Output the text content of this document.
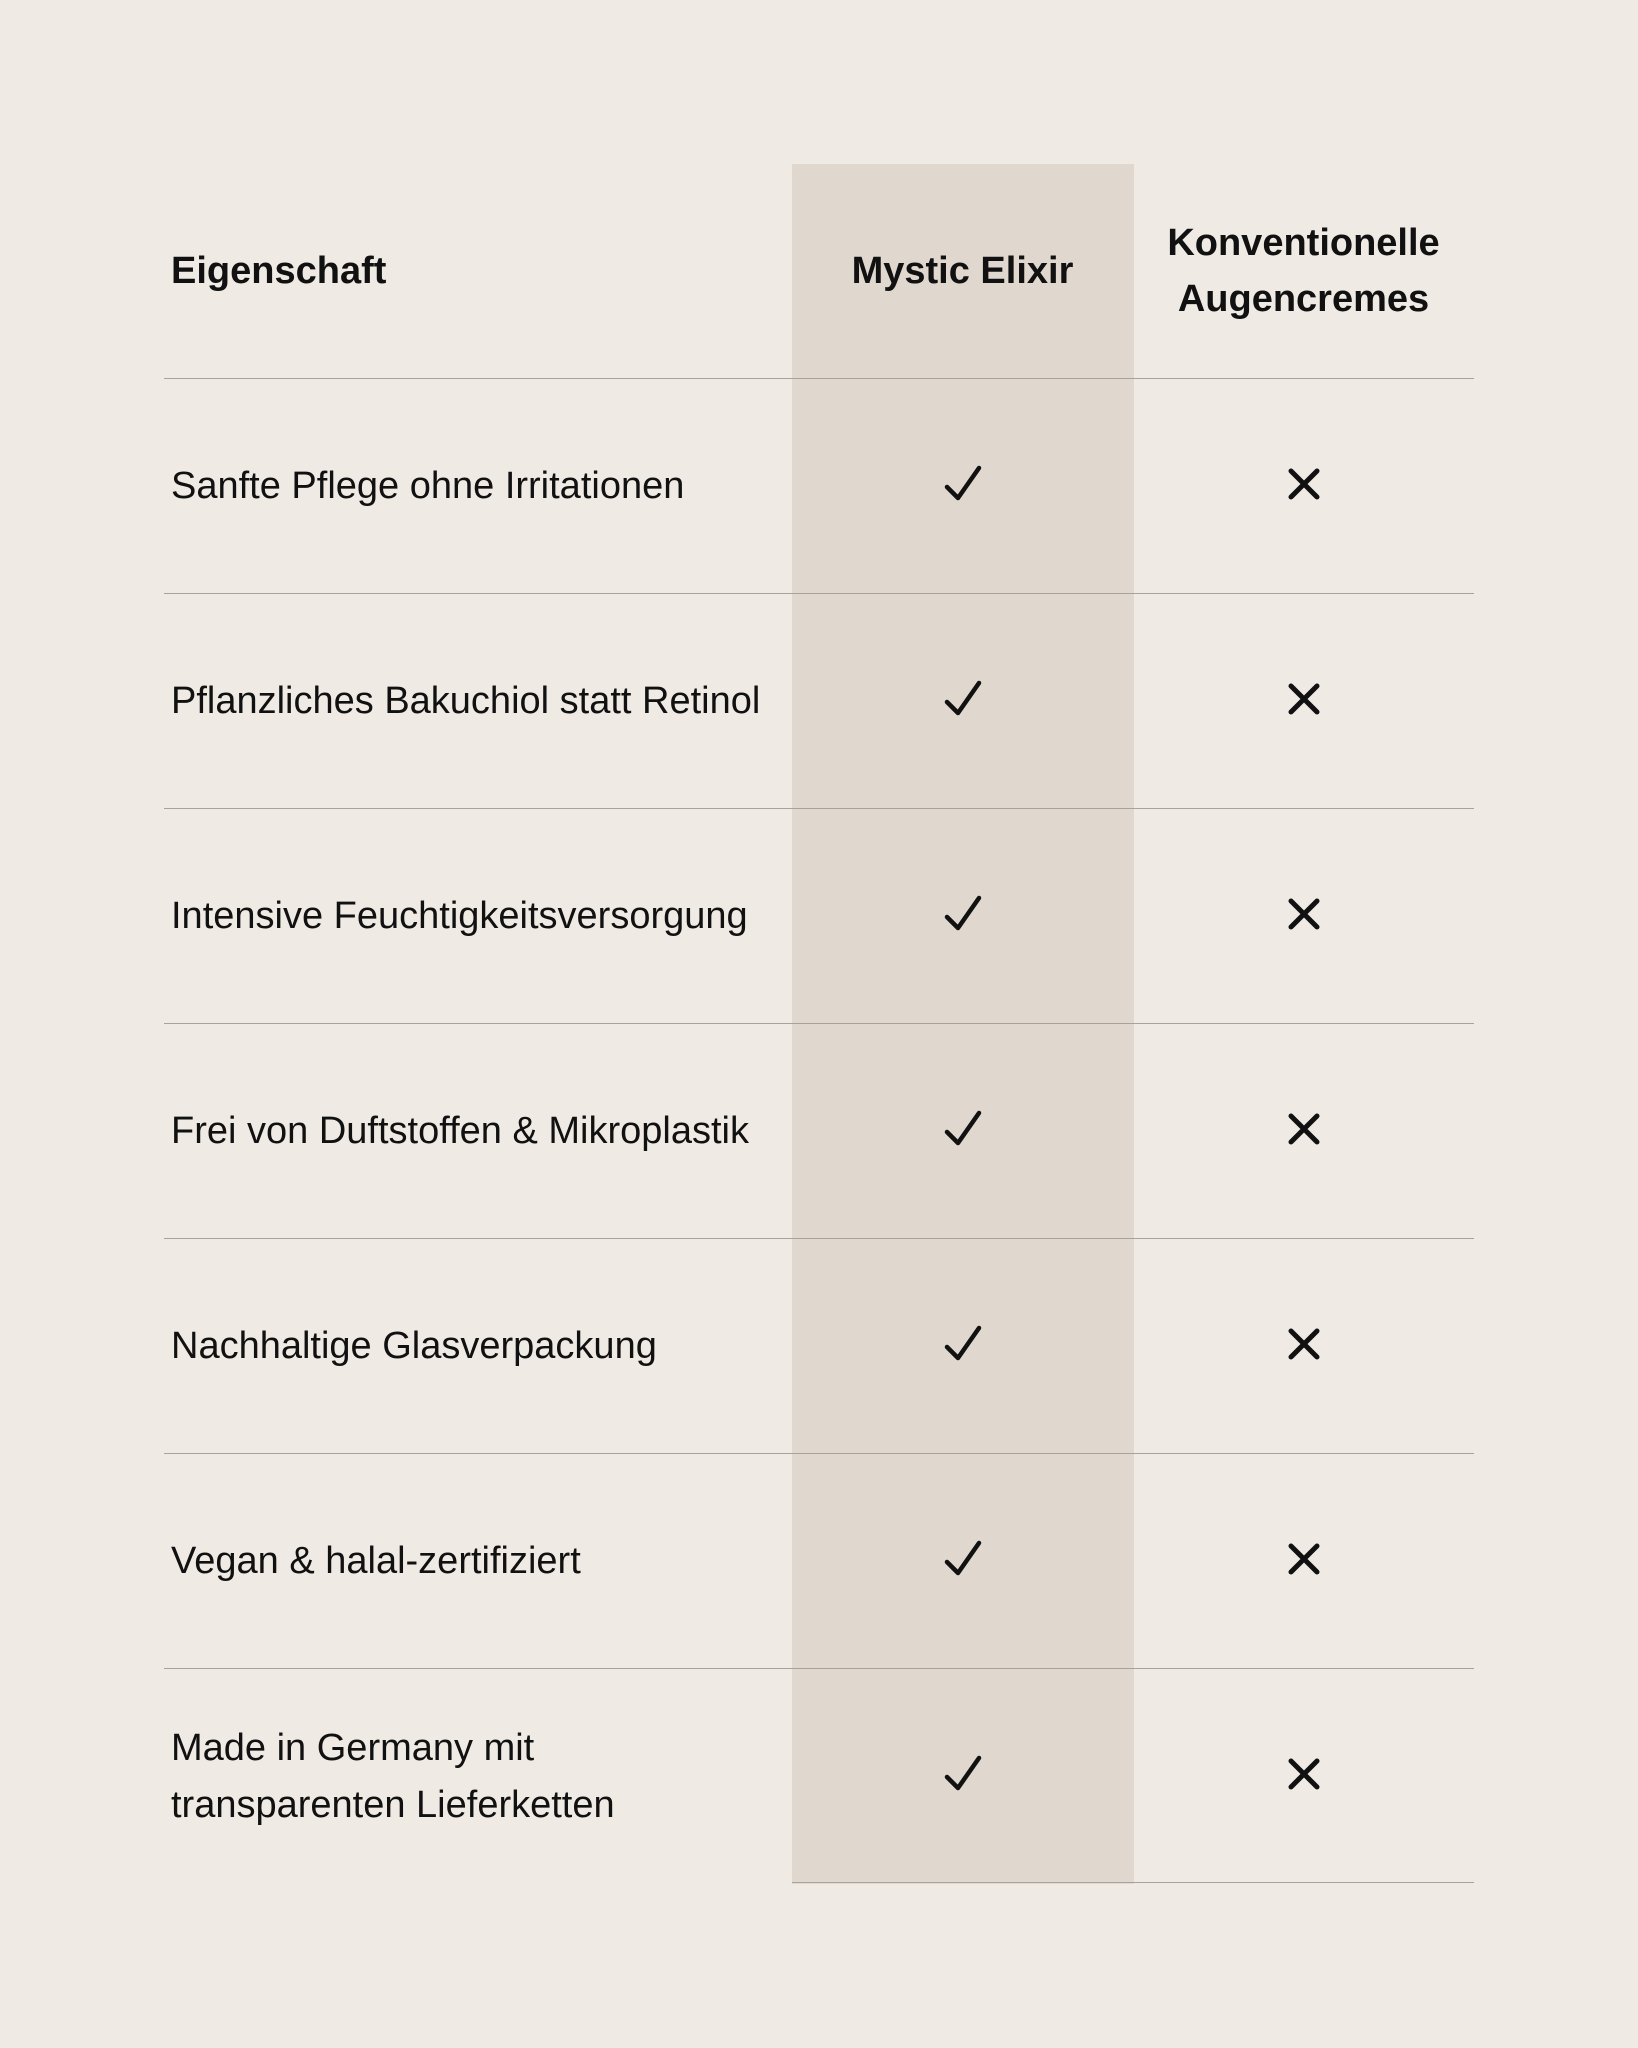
Eigenschaft	Mystic Elixir
Konventionelle Augencremes
Sanfte Pflege ohne Irritationen
Pflanzliches Bakuchiol statt Retinol
Intensive Feuchtigkeitsversorgung
Frei von Duftstoffen & Mikroplastik
Nachhaltige Glasverpackung
Vegan & halal-zertifiziert
Made in Germany mit transparenten Lieferketten
